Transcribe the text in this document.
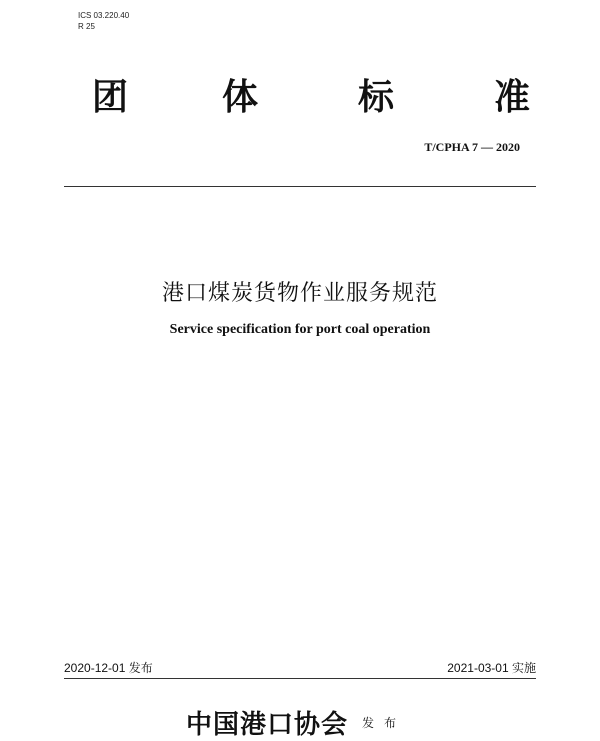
ICS 03.220.40
R 25
团	体	标	准
T/CPHA 7 — 2020
港口煤炭货物作业服务规范
Service specification for port coal operation
2020-12-01 发布	2021-03-01 实施
中国港口协会 $^{发布}$
